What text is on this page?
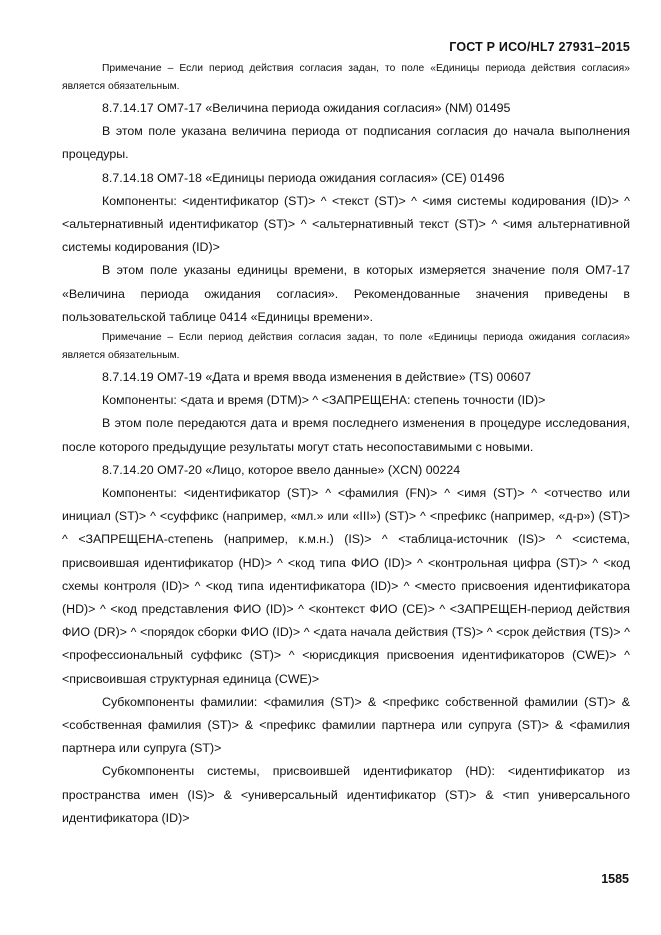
ГОСТ Р ИСО/HL7 27931–2015

Примечание – Если период действия согласия задан, то поле «Единицы периода действия согласия» является обязательным.

8.7.14.17 OM7-17 «Величина периода ожидания согласия» (NM) 01495

В этом поле указана величина периода от подписания согласия до начала выполнения процедуры.

8.7.14.18 OM7-18 «Единицы периода ожидания согласия» (CE) 01496

Компоненты: <идентификатор (ST)> ^ <текст (ST)> ^ <имя системы кодирования (ID)> ^ <альтернативный идентификатор (ST)> ^ <альтернативный текст (ST)> ^ <имя альтернативной системы кодирования (ID)>

В этом поле указаны единицы времени, в которых измеряется значение поля OM7-17 «Величина периода ожидания согласия». Рекомендованные значения приведены в пользовательской таблице 0414 «Единицы времени».

Примечание – Если период действия согласия задан, то поле «Единицы периода ожидания согласия» является обязательным.

8.7.14.19 OM7-19 «Дата и время ввода изменения в действие» (TS) 00607

Компоненты: <дата и время (DTM)> ^ <ЗАПРЕЩЕНА: степень точности (ID)>

В этом поле передаются дата и время последнего изменения в процедуре исследования, после которого предыдущие результаты могут стать несопоставимыми с новыми.

8.7.14.20 OM7-20 «Лицо, которое ввело данные» (XCN) 00224

Компоненты: <идентификатор (ST)> ^ <фамилия (FN)> ^ <имя (ST)> ^ <отчество или инициал (ST)> ^ <суффикс (например, «мл.» или «III») (ST)> ^ <префикс (например, «д-р») (ST)> ^ <ЗАПРЕЩЕНА-степень (например, к.м.н.) (IS)> ^ <таблица-источник (IS)> ^ <система, присвоившая идентификатор (HD)> ^ <код типа ФИО (ID)> ^ <контрольная цифра (ST)> ^ <код схемы контроля (ID)> ^ <код типа идентификатора (ID)> ^ <место присвоения идентификатора (HD)> ^ <код представления ФИО (ID)> ^ <контекст ФИО (CE)> ^ <ЗАПРЕЩЕН-период действия ФИО (DR)> ^ <порядок сборки ФИО (ID)> ^ <дата начала действия (TS)> ^ <срок действия (TS)> ^ <профессиональный суффикс (ST)> ^ <юрисдикция присвоения идентификаторов (CWE)> ^ <присвоившая структурная единица (CWE)>

Субкомпоненты фамилии: <фамилия (ST)> & <префикс собственной фамилии (ST)> & <собственная фамилия (ST)> & <префикс фамилии партнера или супруга (ST)> & <фамилия партнера или супруга (ST)>

Субкомпоненты системы, присвоившей идентификатор (HD): <идентификатор из пространства имен (IS)> & <универсальный идентификатор (ST)> & <тип универсального идентификатора (ID)>

1585
